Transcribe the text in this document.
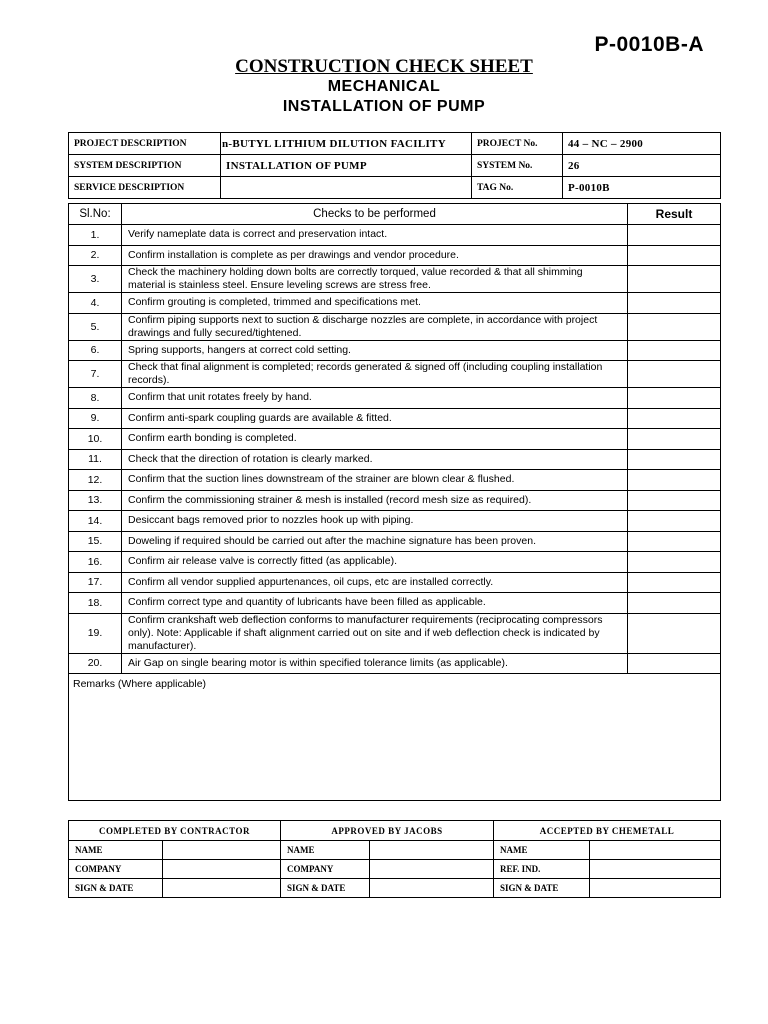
P-0010B-A
CONSTRUCTION CHECK SHEET
MECHANICAL
INSTALLATION OF PUMP
PROJECT DESCRIPTION	n-BUTYL LITHIUM DILUTION FACILITY	PROJECT No.	44 – NC – 2900
SYSTEM DESCRIPTION	INSTALLATION OF PUMP	SYSTEM No.	26
SERVICE DESCRIPTION		TAG No.	P-0010B
Sl.No:	Checks to be performed	Result
1.	Verify nameplate data is correct and preservation intact.	
2.	Confirm installation is complete as per drawings and vendor procedure.	
3.	Check the machinery holding down bolts are correctly torqued, value recorded & that all shimming material is stainless steel. Ensure leveling screws are stress free.	
4.	Confirm grouting is completed, trimmed and specifications met.	
5.	Confirm piping supports next to suction & discharge nozzles are complete, in accordance with project drawings and fully secured/tightened.	
6.	Spring supports, hangers at correct cold setting.	
7.	Check that final alignment is completed; records generated & signed off (including coupling installation records).	
8.	Confirm that unit rotates freely by hand.	
9.	Confirm anti-spark coupling guards are available & fitted.	
10.	Confirm earth bonding is completed.	
11.	Check that the direction of rotation is clearly marked.	
12.	Confirm that the suction lines downstream of the strainer are blown clear & flushed.	
13.	Confirm the commissioning strainer & mesh is installed (record mesh size as required).	
14.	Desiccant bags removed prior to nozzles hook up with piping.	
15.	Doweling if required should be carried out after the machine signature has been proven.	
16.	Confirm air release valve is correctly fitted (as applicable).	
17.	Confirm all vendor supplied appurtenances, oil cups, etc are installed correctly.	
18.	Confirm correct type and quantity of lubricants have been filled as applicable.	
19.	Confirm crankshaft web deflection conforms to manufacturer requirements (reciprocating compressors only). Note: Applicable if shaft alignment carried out on site and if web deflection check is indicated by manufacturer).	
20.	Air Gap on single bearing motor is within specified tolerance limits (as applicable).	
Remarks (Where applicable)		
COMPLETED BY CONTRACTOR		APPROVED BY JACOBS		ACCEPTED BY CHEMETALL	
NAME		NAME		NAME	
COMPANY		COMPANY		REF. IND.	
SIGN & DATE		SIGN & DATE		SIGN & DATE	
